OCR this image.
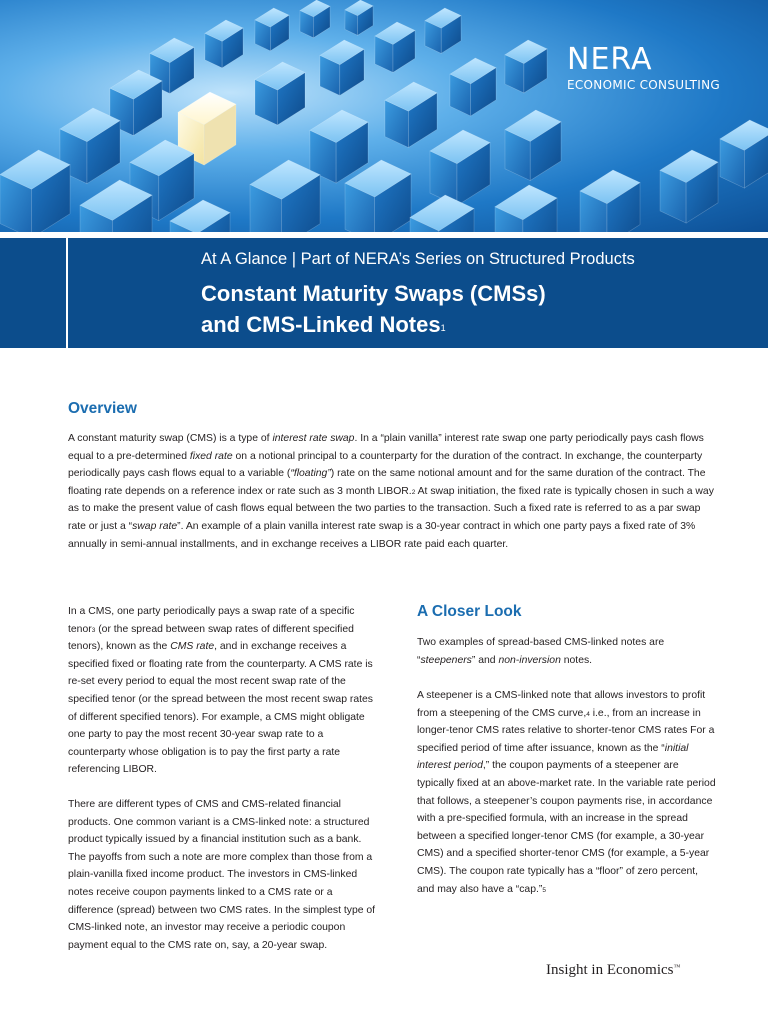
NERA
ECONOMIC CONSULTING
At A Glance | Part of NERA’s Series on Structured Products
Constant Maturity Swaps (CMSs)
and CMS-Linked Notes$^1$
Overview
A constant maturity swap (CMS) is a type of interest rate swap. In a “plain vanilla” interest rate swap one party periodically pays cash flows equal to a pre-determined fixed rate on a notional principal to a counterparty for the duration of the contract. In exchange, the counterparty periodically pays cash flows equal to a variable (“floating”) rate on the same notional amount and for the same duration of the contract. The floating rate depends on a reference index or rate such as 3 month LIBOR.$^2$ At swap initiation, the fixed rate is typically chosen in such a way as to make the present value of cash flows equal between the two parties to the transaction. Such a fixed rate is referred to as a par swap rate or just a “swap rate”. An example of a plain vanilla interest rate swap is a 30-year contract in which one party pays a fixed rate of 3% annually in semi-annual installments, and in exchange receives a LIBOR rate paid each quarter.
In a CMS, one party periodically pays a swap rate of a specific tenor$^3$ (or the spread between swap rates of different specified tenors), known as the CMS rate, and in exchange receives a specified fixed or floating rate from the counterparty. A CMS rate is re-set every period to equal the most recent swap rate of the specified tenor (or the spread between the most recent swap rates of different specified tenors). For example, a CMS might obligate one party to pay the most recent 30-year swap rate to a counterparty whose obligation is to pay the first party a rate referencing LIBOR.
There are different types of CMS and CMS-related financial products. One common variant is a CMS-linked note: a structured product typically issued by a financial institution such as a bank. The payoffs from such a note are more complex than those from a plain-vanilla fixed income product. The investors in CMS-linked notes receive coupon payments linked to a CMS rate or a difference (spread) between two CMS rates. In the simplest type of CMS-linked note, an investor may receive a periodic coupon payment equal to the CMS rate on, say, a 20-year swap.
A Closer Look
Two examples of spread-based CMS-linked notes are “steepeners” and non-inversion notes.
A steepener is a CMS-linked note that allows investors to profit from a steepening of the CMS curve,$^4$ i.e., from an increase in longer-tenor CMS rates relative to shorter-tenor CMS rates For a specified period of time after issuance, known as the “initial interest period,” the coupon payments of a steepener are typically fixed at an above-market rate. In the variable rate period that follows, a steepener’s coupon payments rise, in accordance with a pre-specified formula, with an increase in the spread between a specified longer-tenor CMS (for example, a 30-year CMS) and a specified shorter-tenor CMS (for example, a 5-year CMS). The coupon rate typically has a “floor” of zero percent, and may also have a “cap.”$^5$
Insight in Economics™
